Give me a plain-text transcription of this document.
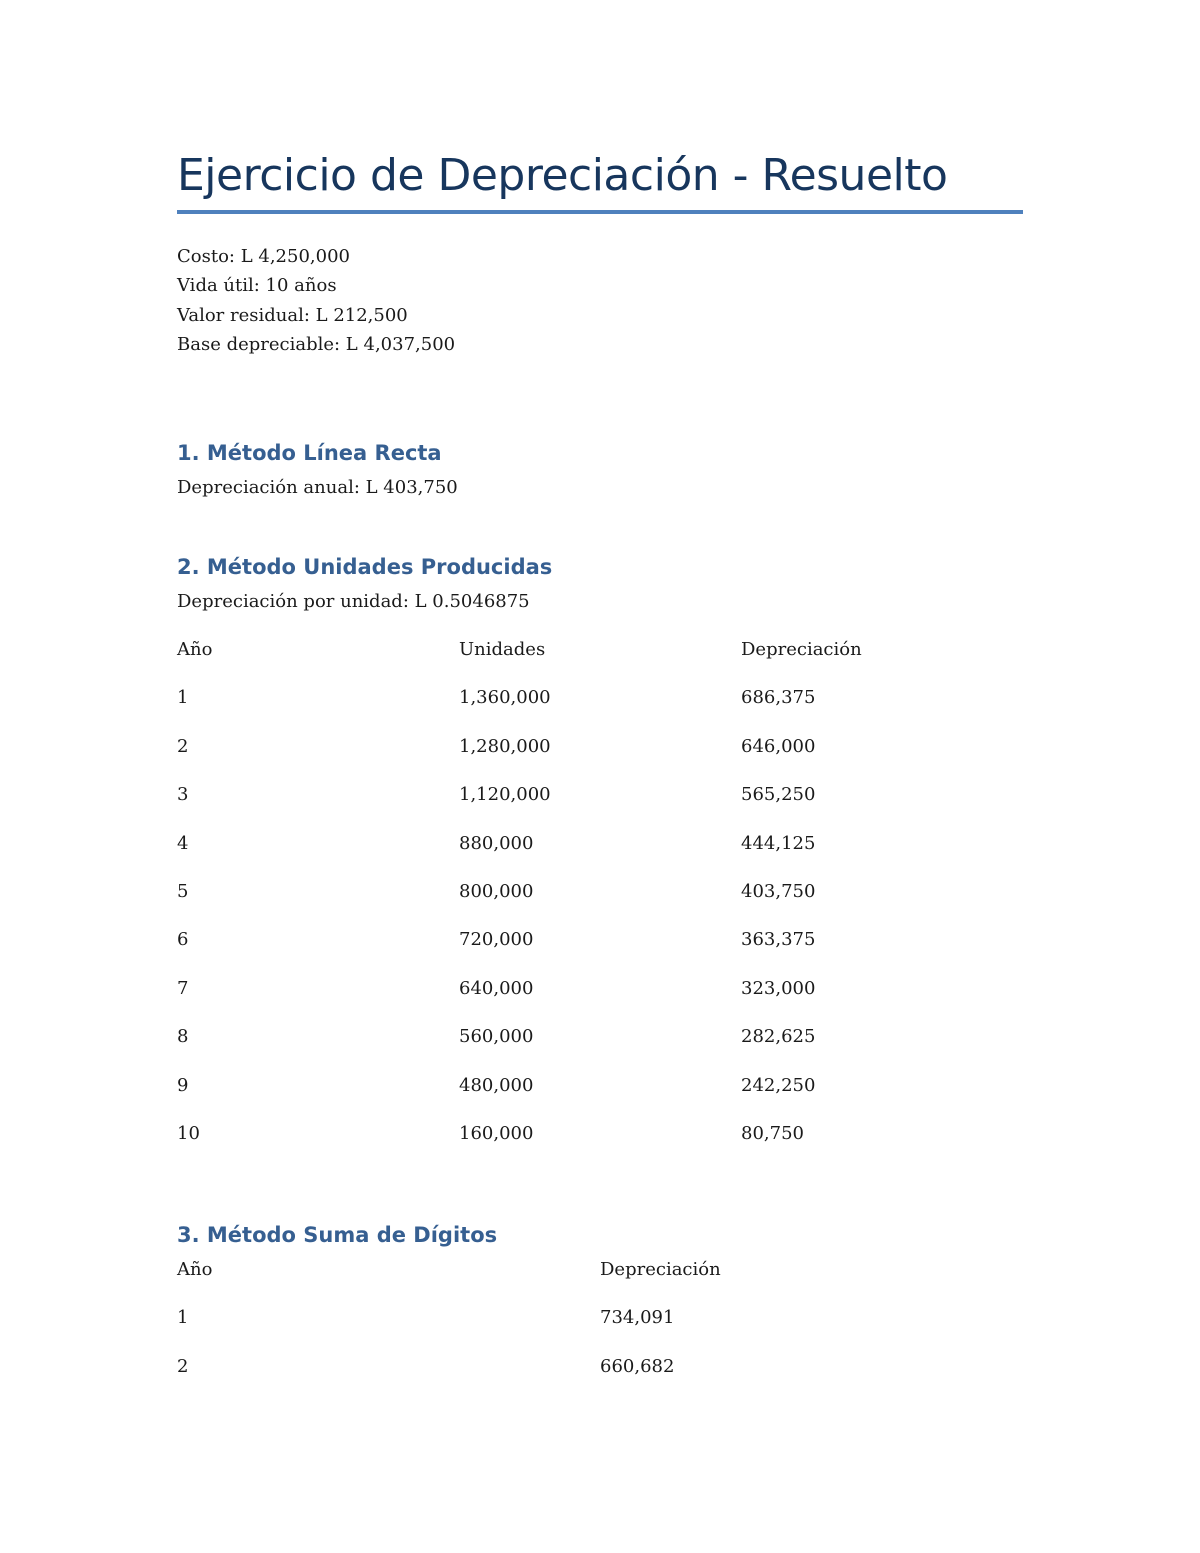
Ejercicio de Depreciación - Resuelto
Costo: L 4,250,000
Vida útil: 10 años
Valor residual: L 212,500
Base depreciable: L 4,037,500
1. Método Línea Recta
Depreciación anual: L 403,750
2. Método Unidades Producidas
Depreciación por unidad: L 0.5046875
Año	Unidades	Depreciación
1	1,360,000	686,375
2	1,280,000	646,000
3	1,120,000	565,250
4	880,000	444,125
5	800,000	403,750
6	720,000	363,375
7	640,000	323,000
8	560,000	282,625
9	480,000	242,250
10	160,000	80,750
3. Método Suma de Dígitos
Año	Depreciación
1	734,091
2	660,682
